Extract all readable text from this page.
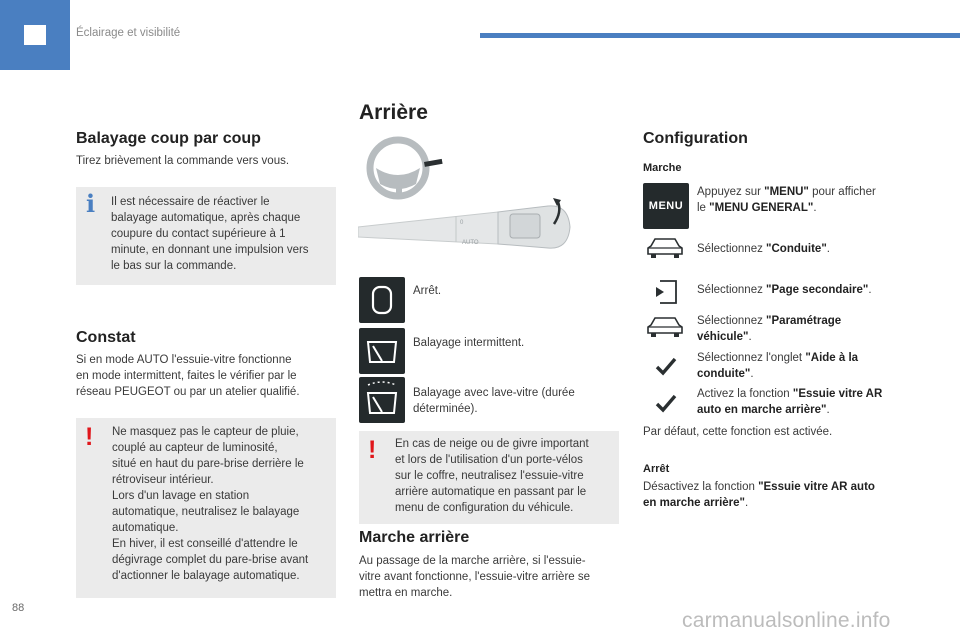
Éclairage et visibilité
Balayage coup par coup

Tirez brièvement la commande vers vous.

i Il est nécessaire de réactiver le
balayage automatique, après chaque
coupure du contact supérieure à 1
minute, en donnant une impulsion vers
le bas sur la commande.
Constat
Si en mode AUTO l'essuie-vitre fonctionne
en mode intermittent, faites le vérifier par le
réseau PEUGEOT ou par un atelier qualifié.
! Ne masquez pas le capteur de pluie,
couplé au capteur de luminosité,
situé en haut du pare-brise derrière le
rétroviseur intérieur.
Lors d'un lavage en station
automatique, neutralisez le balayage
automatique.
En hiver, il est conseillé d'attendre le
dégivrage complet du pare-brise avant
d'actionner le balayage automatique.
Arrière
0
AUTO
Arrêt.
Balayage intermittent.
Balayage avec lave-vitre (durée
déterminée).
! En cas de neige ou de givre important
et lors de l'utilisation d'un porte-vélos
sur le coffre, neutralisez l'essuie-vitre
arrière automatique en passant par le
menu de configuration du véhicule.
Marche arrière
Au passage de la marche arrière, si l'essuie-
vitre avant fonctionne, l'essuie-vitre arrière se
mettra en marche.
Configuration
Marche
MENU
Appuyez sur "MENU" pour afficher
le "MENU GENERAL".
Sélectionnez "Conduite".
Sélectionnez "Page secondaire".
Sélectionnez "Paramétrage
véhicule".
Sélectionnez l'onglet "Aide à la
conduite".
Activez la fonction "Essuie vitre AR
auto en marche arrière".
Par défaut, cette fonction est activée.
Arrêt
Désactivez la fonction "Essuie vitre AR auto
en marche arrière".
88
carmanualsonline.info
